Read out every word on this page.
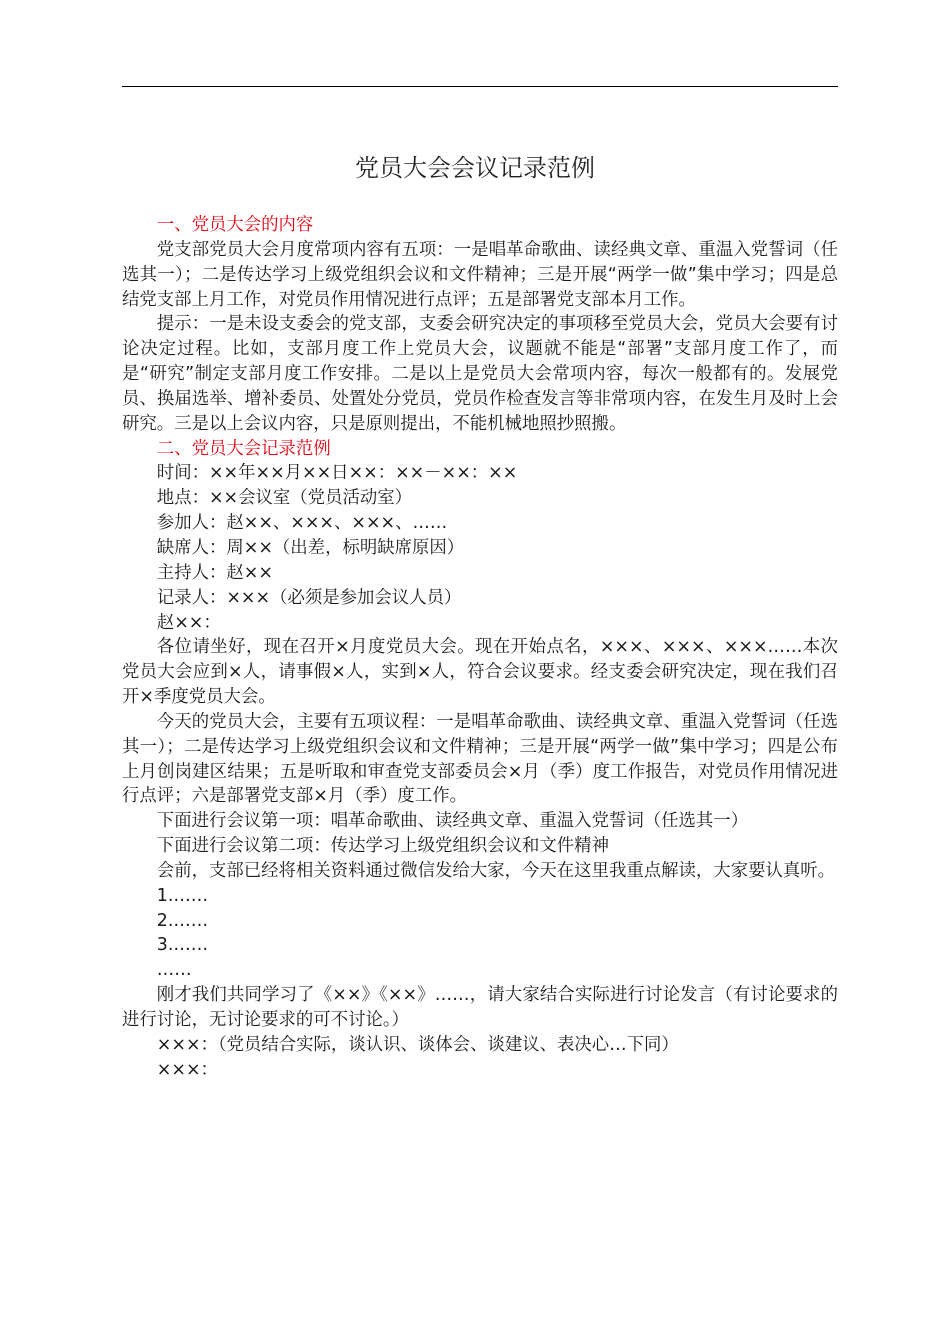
党员大会会议记录范例

一、党员大会的内容

党支部党员大会月度常项内容有五项：一是唱革命歌曲、读经典文章、重温入党誓词（任选其一）；二是传达学习上级党组织会议和文件精神；三是开展“两学一做”集中学习；四是总结党支部上月工作，对党员作用情况进行点评；五是部署党支部本月工作。

提示：一是未设支委会的党支部，支委会研究决定的事项移至党员大会，党员大会要有讨论决定过程。比如，支部月度工作上党员大会，议题就不能是“部署”支部月度工作了，而是“研究”制定支部月度工作安排。二是以上是党员大会常项内容，每次一般都有的。发展党员、换届选举、增补委员、处置处分党员，党员作检查发言等非常项内容，在发生月及时上会研究。三是以上会议内容，只是原则提出，不能机械地照抄照搬。

二、党员大会记录范例

时间：××年××月××日××：××－××：××

地点：××会议室（党员活动室）

参加人：赵××、×××、×××、……

缺席人：周××（出差，标明缺席原因）

主持人：赵××

记录人：×××（必须是参加会议人员）

赵××：

各位请坐好，现在召开×月度党员大会。现在开始点名，×××、×××、×××……本次党员大会应到×人，请事假×人，实到×人，符合会议要求。经支委会研究决定，现在我们召开×季度党员大会。

今天的党员大会，主要有五项议程：一是唱革命歌曲、读经典文章、重温入党誓词（任选其一）；二是传达学习上级党组织会议和文件精神；三是开展“两学一做”集中学习；四是公布上月创岗建区结果；五是听取和审查党支部委员会×月（季）度工作报告，对党员作用情况进行点评；六是部署党支部×月（季）度工作。

下面进行会议第一项：唱革命歌曲、读经典文章、重温入党誓词（任选其一）

下面进行会议第二项：传达学习上级党组织会议和文件精神

会前，支部已经将相关资料通过微信发给大家，今天在这里我重点解读，大家要认真听。

1.……

2.……

3.……

……

刚才我们共同学习了《××》《××》……，请大家结合实际进行讨论发言（有讨论要求的进行讨论，无讨论要求的可不讨论。）

×××：（党员结合实际，谈认识、谈体会、谈建议、表决心…下同）

×××：
